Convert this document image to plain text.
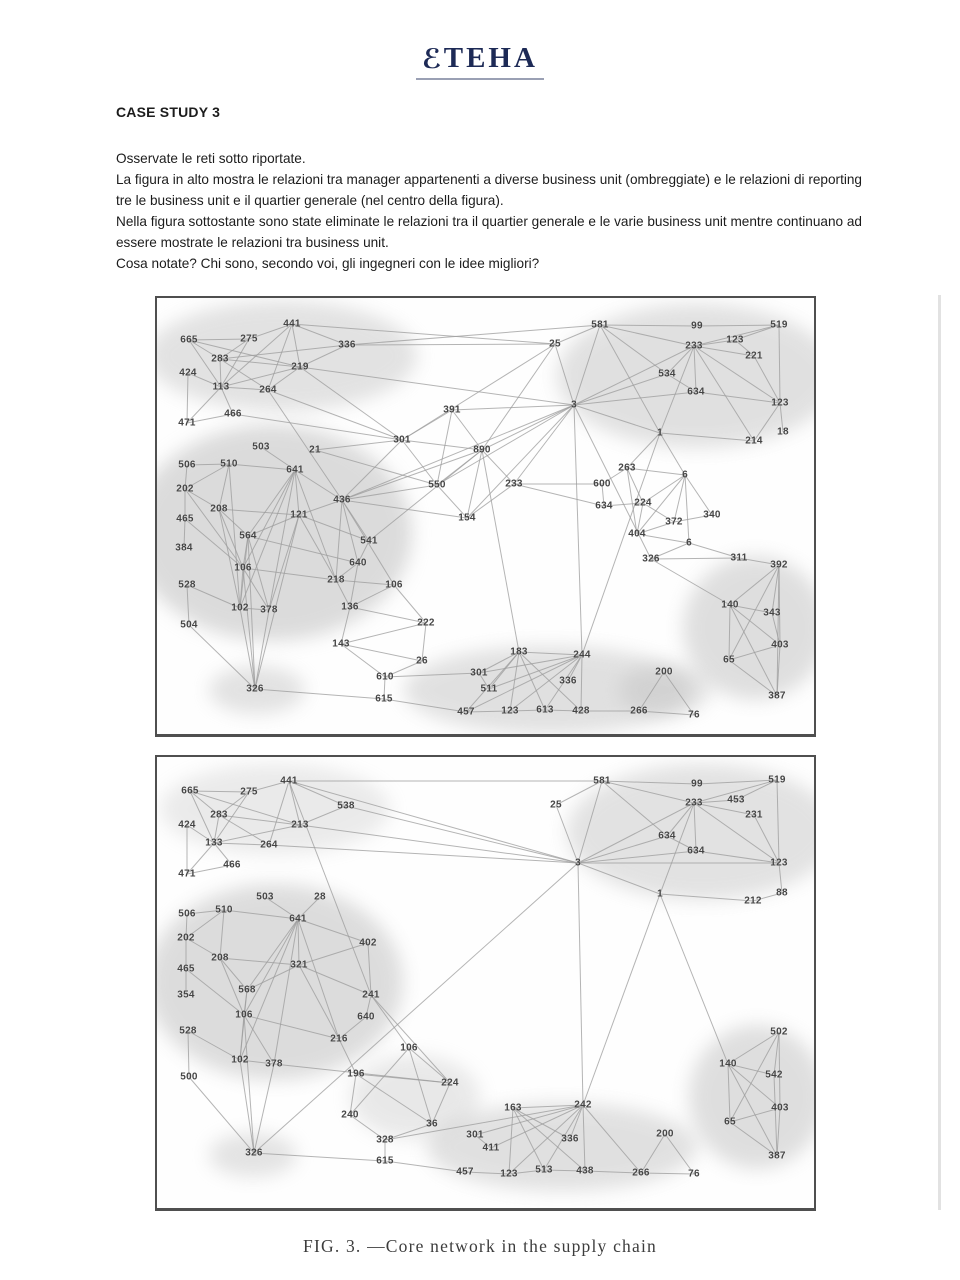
ℰTEHA
CASE STUDY 3

Osservate le reti sotto riportate.

La figura in alto mostra le relazioni tra manager appartenenti a diverse business unit (ombreggiate) e le relazioni di reporting tre le business unit e il quartier generale (nel centro della figura).

Nella figura sottostante sono state eliminate le relazioni tra il quartier generale e le varie business unit mentre continuano ad essere mostrate le relazioni tra business unit.

Cosa notate? Chi sono, secondo voi, gli ingegneri con le idee migliori?

441
665	275
336
283
219
424
113	264
466
471
581	99	519
25	233
123
221
534
634
123
3
18
214
1
391
301
890
503	21
506 510
641
202	550	233
263
600
6
436
208	634 224
121	154	372
340
465
404
564	541
384	6
640
106
326	311
392
218	106
528
140
343
102 378	136
504	222
403
143
183	244
26	65
610	336
200
301
511
326
615	387
457	123 613 428	266	76
441
665	275
538
283
213
424
133	264
466
471
581	99	519
25	233 453
231
634
634
3	123
88
212
1
503	28
506 510
641
202	402
208
465	321
568
354
106
241
640
528
216
106
102 378
196
500
224
240
36
328
326
615
163	242
336
301
411
457	123 513 438	266	76
200
502
140
542
403
65
387
FIG. 3. —Core network in the supply chain
